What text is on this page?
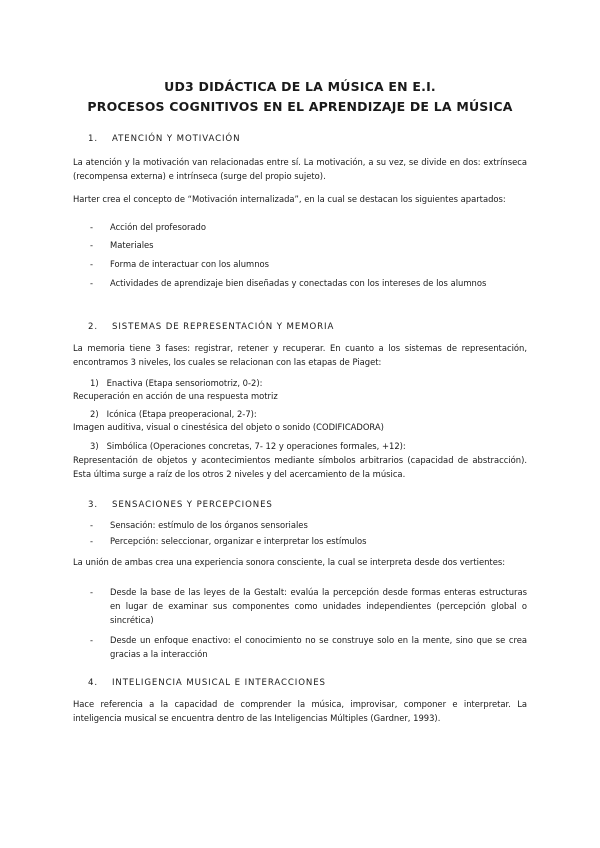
UD3 DIDÁCTICA DE LA MÚSICA EN E.I.
PROCESOS COGNITIVOS EN EL APRENDIZAJE DE LA MÚSICA
1.	ATENCIÓN Y MOTIVACIÓN
La atención y la motivación van relacionadas entre sí. La motivación, a su vez, se divide en dos: extrínseca (recompensa externa) e intrínseca (surge del propio sujeto).
Harter crea el concepto de “Motivación internalizada”, en la cual se destacan los siguientes apartados:
- Acción del profesorado
- Materiales
- Forma de interactuar con los alumnos
- Actividades de aprendizaje bien diseñadas y conectadas con los intereses de los alumnos
2.	SISTEMAS DE REPRESENTACIÓN Y MEMORIA
La memoria tiene 3 fases: registrar, retener y recuperar. En cuanto a los sistemas de representación, encontramos 3 niveles, los cuales se relacionan con las etapas de Piaget:
1) Enactiva (Etapa sensoriomotriz, 0-2):
Recuperación en acción de una respuesta motriz
2) Icónica (Etapa preoperacional, 2-7):
Imagen auditiva, visual o cinestésica del objeto o sonido (CODIFICADORA)
3) Simbólica (Operaciones concretas, 7- 12 y operaciones formales, +12):
Representación de objetos y acontecimientos mediante símbolos arbitrarios (capacidad de abstracción). Esta última surge a raíz de los otros 2 niveles y del acercamiento de la música.
3.	SENSACIONES Y PERCEPCIONES
- Sensación: estímulo de los órganos sensoriales
- Percepción: seleccionar, organizar e interpretar los estímulos
La unión de ambas crea una experiencia sonora consciente, la cual se interpreta desde dos vertientes:
- Desde la base de las leyes de la Gestalt: evalúa la percepción desde formas enteras estructuras en lugar de examinar sus componentes como unidades independientes (percepción global o sincrética)
- Desde un enfoque enactivo: el conocimiento no se construye solo en la mente, sino que se crea gracias a la interacción
4.	INTELIGENCIA MUSICAL E INTERACCIONES
Hace referencia a la capacidad de comprender la música, improvisar, componer e interpretar. La inteligencia musical se encuentra dentro de las Inteligencias Múltiples (Gardner, 1993).
